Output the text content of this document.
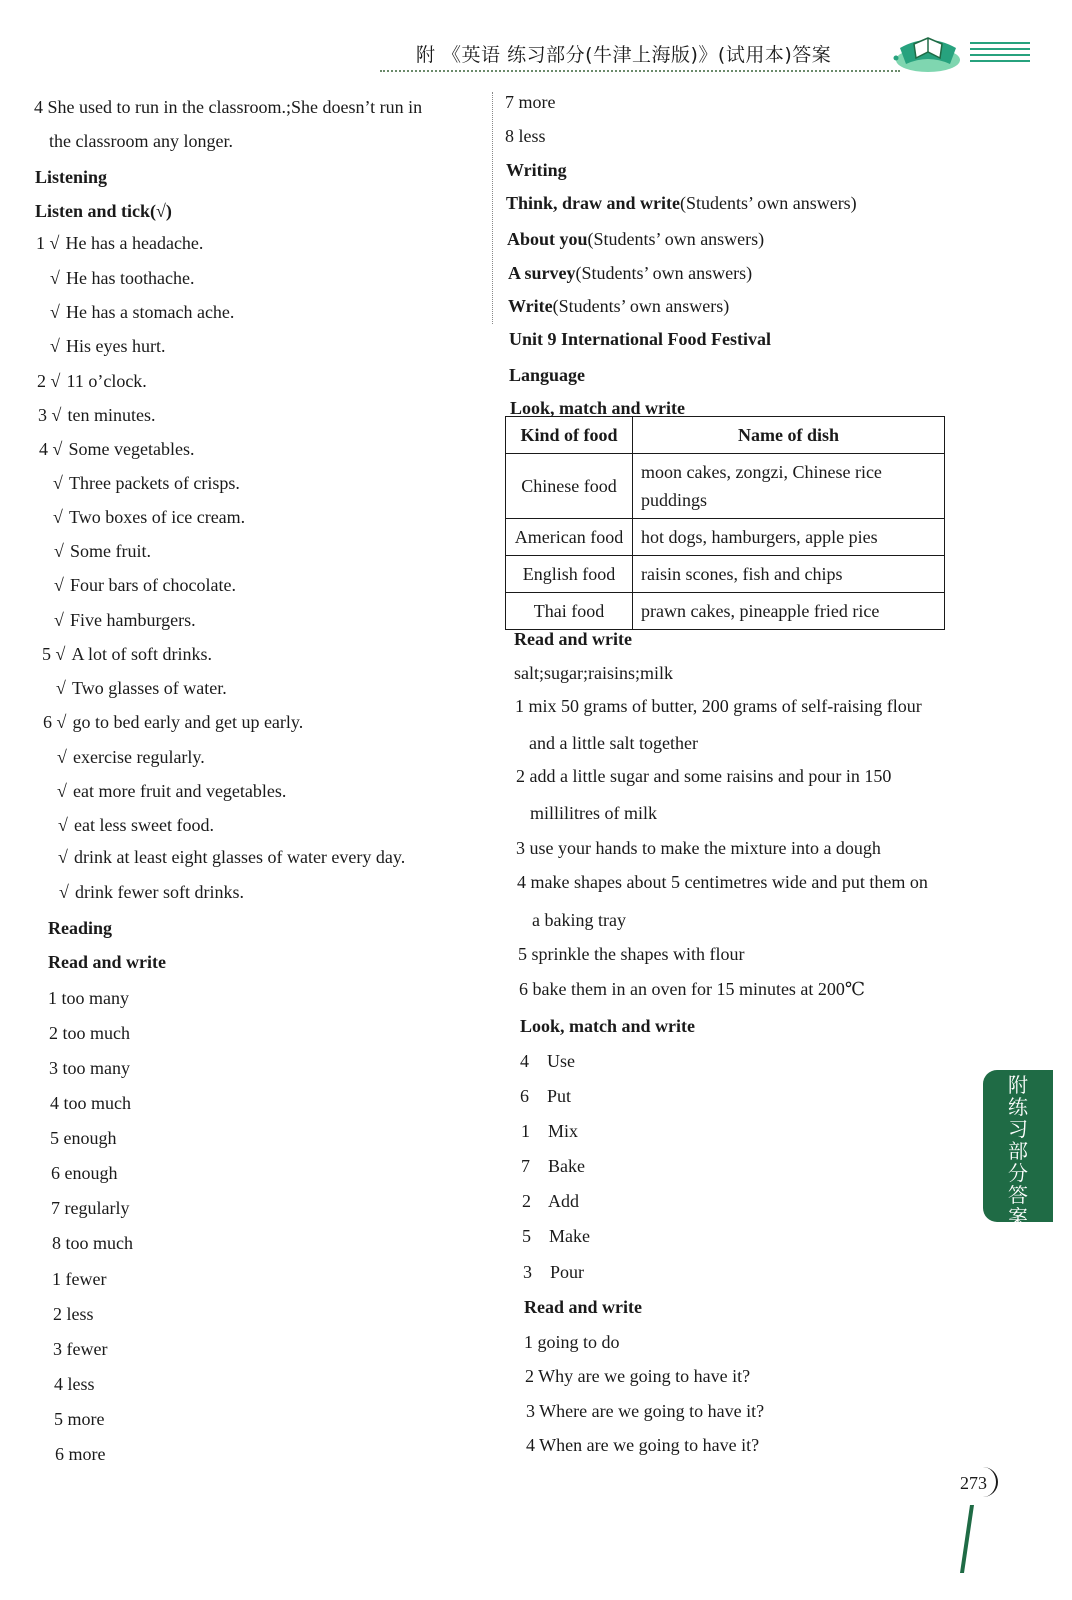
附 《英语 练习部分(牛津上海版)》(试用本)答案
4 She used to run in the classroom.;She doesn’t run in
the classroom any longer.
Listening
Listen and tick(√)
1 √ He has a headache.
√ He has toothache.
√ He has a stomach ache.
√ His eyes hurt.
2 √ 11 o’clock.
3 √ ten minutes.
4 √ Some vegetables.
√ Three packets of crisps.
√ Two boxes of ice cream.
√ Some fruit.
√ Four bars of chocolate.
√ Five hamburgers.
5 √ A lot of soft drinks.
√ Two glasses of water.
6 √ go to bed early and get up early.
√ exercise regularly.
√ eat more fruit and vegetables.
√ eat less sweet food.
√ drink at least eight glasses of water every day.
√ drink fewer soft drinks.
Reading
Read and write
1 too many
2 too much
3 too many
4 too much
5 enough
6 enough
7 regularly
8 too much
1 fewer
2 less
3 fewer
4 less
5 more
6 more
Kind of food	Name of dish
Chinese food	moon cakes, zongzi, Chinese rice puddings
American food	hot dogs, hamburgers, apple pies
English food	raisin scones, fish and chips
Thai food	prawn cakes, pineapple fried rice
7 more
8 less
Writing
Think, draw and write(Students’ own answers)
About you(Students’ own answers)
A survey(Students’ own answers)
Write(Students’ own answers)
Unit 9 International Food Festival
Language
Look, match and write
Read and write
salt;sugar;raisins;milk
1 mix 50 grams of butter, 200 grams of self-raising flour
and a little salt together
2 add a little sugar and some raisins and pour in 150
millilitres of milk
3 use your hands to make the mixture into a dough
4 make shapes about 5 centimetres wide and put them on
a baking tray
5 sprinkle the shapes with flour
6 bake them in an oven for 15 minutes at 200℃
Look, match and write
4    Use
6    Put
1    Mix
7    Bake
2    Add
5    Make
3    Pour
Read and write
1 going to do
2 Why are we going to have it?
3 Where are we going to have it?
4 When are we going to have it?
附
练
习
部
分
答
案
273
